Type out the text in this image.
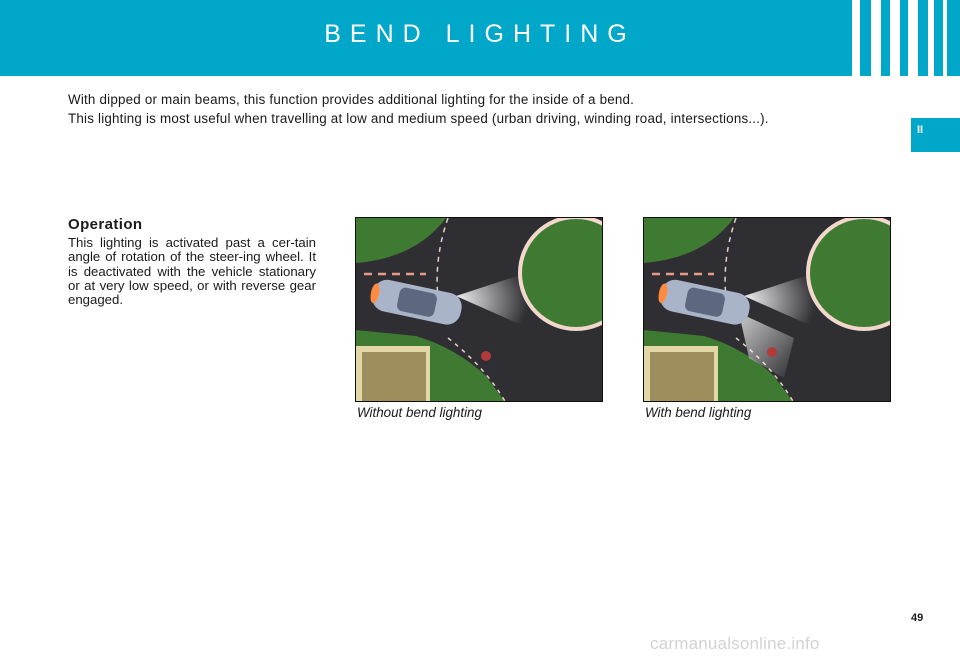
BEND LIGHTING
II
With dipped or main beams, this function provides additional lighting for the inside of a bend.
This lighting is most useful when travelling at low and medium speed (urban driving, winding road, intersections...).
Operation
This lighting is activated past a cer-tain angle of rotation of the steer-ing wheel. It is deactivated with the vehicle stationary or at very low speed, or with reverse gear engaged.
Without bend lighting	With bend lighting
49
carmanualsonline.info
